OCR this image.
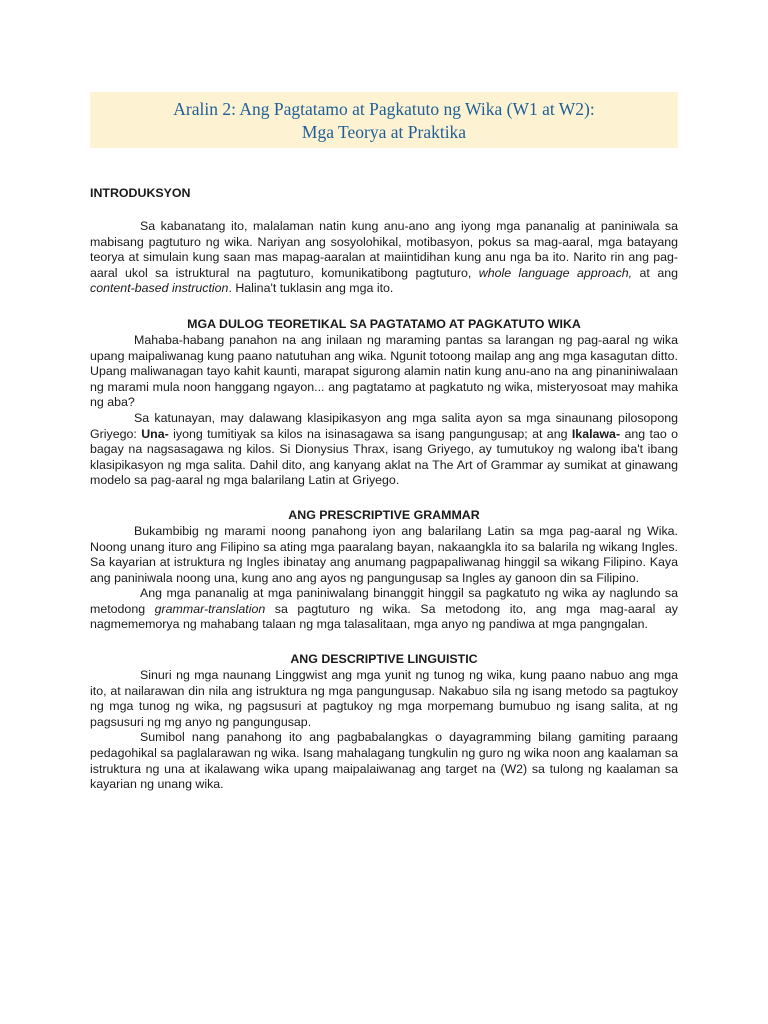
Aralin 2: Ang Pagtatamo at Pagkatuto ng Wika (W1 at W2):
Mga Teorya at Praktika
INTRODUKSYON

Sa kabanatang ito, malalaman natin kung anu-ano ang iyong mga pananalig at paniniwala sa mabisang pagtuturo ng wika. Nariyan ang sosyolohikal, motibasyon, pokus sa mag-aaral, mga batayang teorya at simulain kung saan mas mapag-aaralan at maiintidihan kung anu nga ba ito. Narito rin ang pag-aaral ukol sa istruktural na pagtuturo, komunikatibong pagtuturo, whole language approach, at ang content-based instruction. Halina't tuklasin ang mga ito.

MGA DULOG TEORETIKAL SA PAGTATAMO AT PAGKATUTO WIKA

Mahaba-habang panahon na ang inilaan ng maraming pantas sa larangan ng pag-aaral ng wika upang maipaliwanag kung paano natutuhan ang wika. Ngunit totoong mailap ang ang mga kasagutan ditto. Upang maliwanagan tayo kahit kaunti, marapat sigurong alamin natin kung anu-ano na ang pinaniniwalaan ng marami mula noon hanggang ngayon... ang pagtatamo at pagkatuto ng wika, misteryosoat may mahika ng aba?

Sa katunayan, may dalawang klasipikasyon ang mga salita ayon sa mga sinaunang pilosopong Griyego: Una- iyong tumitiyak sa kilos na isinasagawa sa isang pangungusap; at ang Ikalawa- ang tao o bagay na nagsasagawa ng kilos. Si Dionysius Thrax, isang Griyego, ay tumutukoy ng walong iba't ibang klasipikasyon ng mga salita. Dahil dito, ang kanyang aklat na The Art of Grammar ay sumikat at ginawang modelo sa pag-aaral ng mga balarilang Latin at Griyego.

ANG PRESCRIPTIVE GRAMMAR

Bukambibig ng marami noong panahong iyon ang balarilang Latin sa mga pag-aaral ng Wika. Noong unang ituro ang Filipino sa ating mga paaralang bayan, nakaangkla ito sa balarila ng wikang Ingles. Sa kayarian at istruktura ng Ingles ibinatay ang anumang pagpapaliwanag hinggil sa wikang Filipino. Kaya ang paniniwala noong una, kung ano ang ayos ng pangungusap sa Ingles ay ganoon din sa Filipino.

Ang mga pananalig at mga paniniwalang binanggit hinggil sa pagkatuto ng wika ay naglundo sa metodong grammar-translation sa pagtuturo ng wika. Sa metodong ito, ang mga mag-aaral ay nagmememorya ng mahabang talaan ng mga talasalitaan, mga anyo ng pandiwa at mga pangngalan.

ANG DESCRIPTIVE LINGUISTIC

Sinuri ng mga naunang Linggwist ang mga yunit ng tunog ng wika, kung paano nabuo ang mga ito, at nailarawan din nila ang istruktura ng mga pangungusap. Nakabuo sila ng isang metodo sa pagtukoy ng mga tunog ng wika, ng pagsusuri at pagtukoy ng mga morpemang bumubuo ng isang salita, at ng pagsusuri ng mg anyo ng pangungusap.

Sumibol nang panahong ito ang pagbabalangkas o dayagramming bilang gamiting paraang pedagohikal sa paglalarawan ng wika. Isang mahalagang tungkulin ng guro ng wika noon ang kaalaman sa istruktura ng una at ikalawang wika upang maipalaiwanag ang target na (W2) sa tulong ng kaalaman sa kayarian ng unang wika.
